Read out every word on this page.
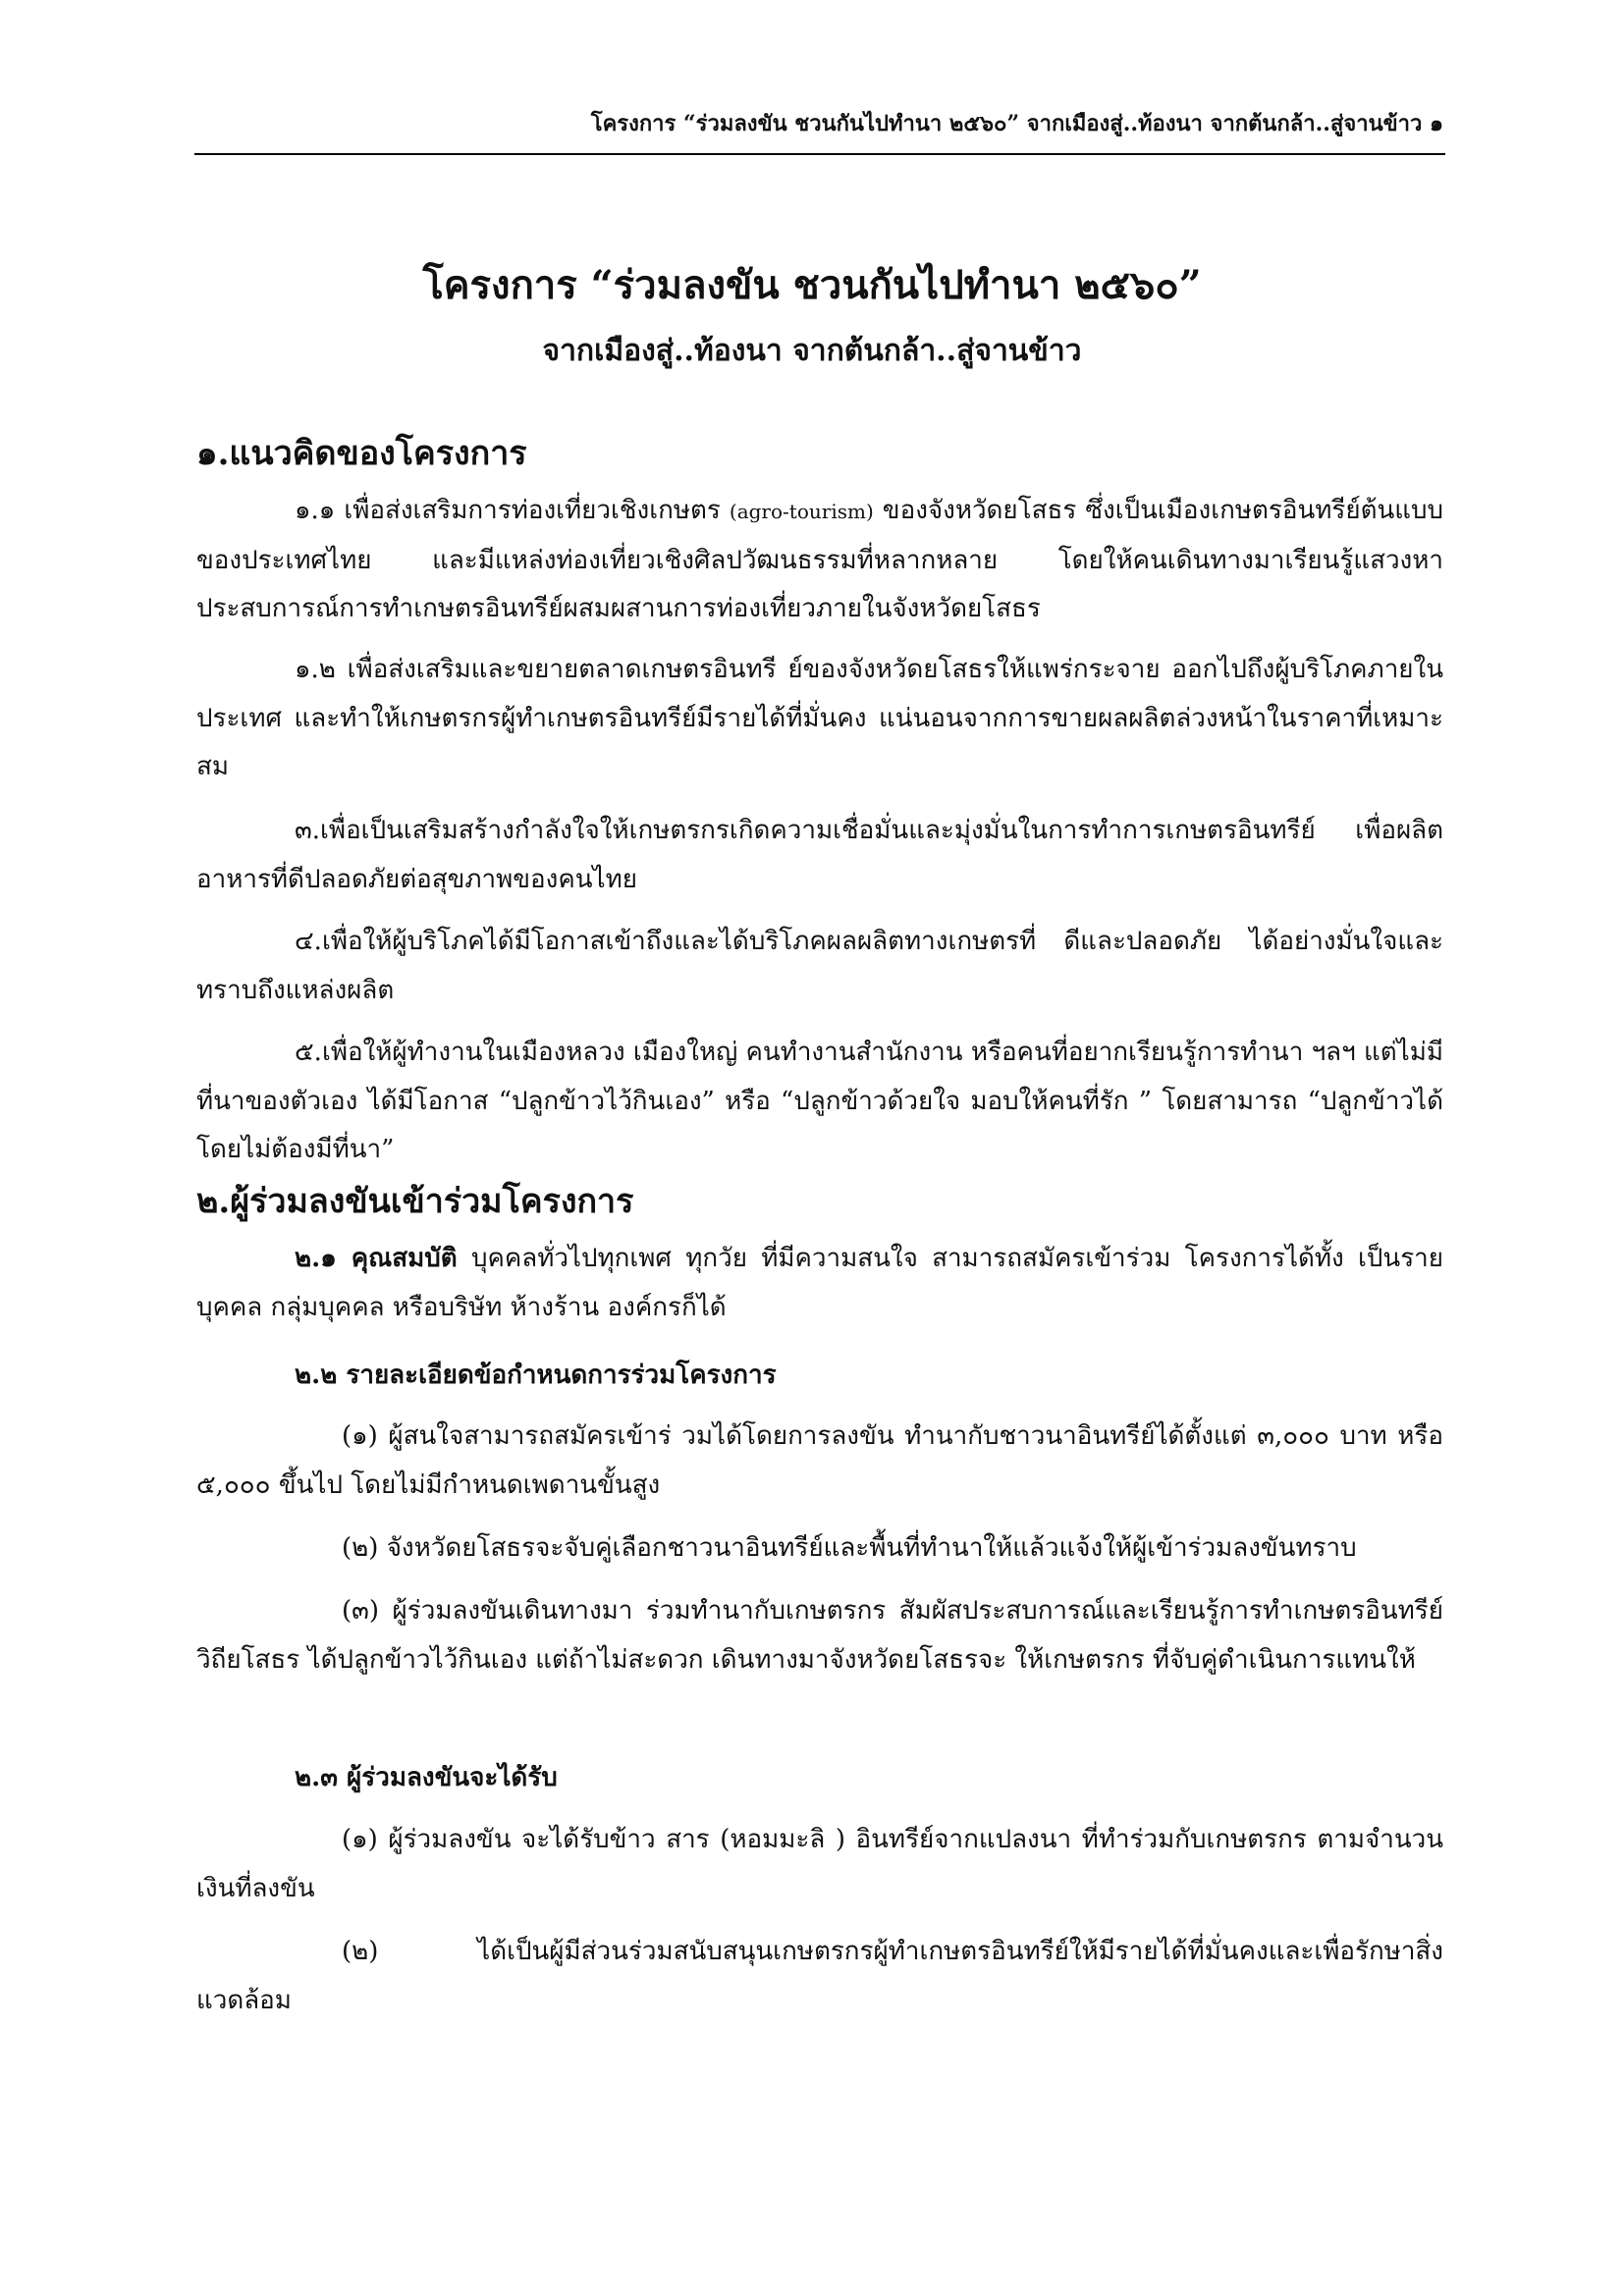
โครงการ “ร่วมลงขัน ชวนกันไปทำนา ๒๕๖๐” จากเมืองสู่..ท้องนา จากต้นกล้า..สู่จานข้าว ๑
โครงการ “ร่วมลงขัน ชวนกันไปทำนา ๒๕๖๐”
จากเมืองสู่..ท้องนา จากต้นกล้า..สู่จานข้าว
๑.แนวคิดของโครงการ

๑.๑ เพื่อส่งเสริมการท่องเที่ยวเชิงเกษตร (agro-tourism) ของจังหวัดยโสธร ซึ่งเป็นเมืองเกษตรอินทรีย์ต้นแบบของประเทศไทย และมีแหล่งท่องเที่ยวเชิงศิลปวัฒนธรรมที่หลากหลาย โดยให้คนเดินทางมาเรียนรู้แสวงหาประสบการณ์การทำเกษตรอินทรีย์ผสมผสานการท่องเที่ยวภายในจังหวัดยโสธร

๑.๒ เพื่อส่งเสริมและขยายตลาดเกษตรอินทรี ย์ของจังหวัดยโสธรให้แพร่กระจาย ออกไปถึงผู้บริโภคภายในประเทศ และทำให้เกษตรกรผู้ทำเกษตรอินทรีย์มีรายได้ที่มั่นคง แน่นอนจากการขายผลผลิตล่วงหน้าในราคาที่เหมาะสม

๓.เพื่อเป็นเสริมสร้างกำลังใจให้เกษตรกรเกิดความเชื่อมั่นและมุ่งมั่นในการทำการเกษตรอินทรีย์ เพื่อผลิตอาหารที่ดีปลอดภัยต่อสุขภาพของคนไทย

๔.เพื่อให้ผู้บริโภคได้มีโอกาสเข้าถึงและได้บริโภคผลผลิตทางเกษตรที่ ดีและปลอดภัย ได้อย่างมั่นใจและทราบถึงแหล่งผลิต

๕.เพื่อให้ผู้ทำงานในเมืองหลวง เมืองใหญ่ คนทำงานสำนักงาน หรือคนที่อยากเรียนรู้การทำนา ฯลฯ แต่ไม่มีที่นาของตัวเอง ได้มีโอกาส “ปลูกข้าวไว้กินเอง” หรือ “ปลูกข้าวด้วยใจ มอบให้คนที่รัก ” โดยสามารถ “ปลูกข้าวได้ โดยไม่ต้องมีที่นา”

๒.ผู้ร่วมลงขันเข้าร่วมโครงการ

๒.๑ คุณสมบัติ บุคคลทั่วไปทุกเพศ ทุกวัย ที่มีความสนใจ สามารถสมัครเข้าร่วม โครงการได้ทั้ง เป็นรายบุคคล กลุ่มบุคคล หรือบริษัท ห้างร้าน องค์กรก็ได้

๒.๒ รายละเอียดข้อกำหนดการร่วมโครงการ

(๑) ผู้สนใจสามารถสมัครเข้าร่ วมได้โดยการลงขัน ทำนากับชาวนาอินทรีย์ได้ตั้งแต่ ๓,๐๐๐ บาท หรือ ๕,๐๐๐ ขึ้นไป โดยไม่มีกำหนดเพดานขั้นสูง

(๒) จังหวัดยโสธรจะจับคู่เลือกชาวนาอินทรีย์และพื้นที่ทำนาให้แล้วแจ้งให้ผู้เข้าร่วมลงขันทราบ

(๓) ผู้ร่วมลงขันเดินทางมา ร่วมทำนากับเกษตรกร สัมผัสประสบการณ์และเรียนรู้การทำเกษตรอินทรีย์วิถียโสธร ได้ปลูกข้าวไว้กินเอง แต่ถ้าไม่สะดวก เดินทางมาจังหวัดยโสธรจะ ให้เกษตรกร ที่จับคู่ดำเนินการแทนให้

๒.๓ ผู้ร่วมลงขันจะได้รับ

(๑) ผู้ร่วมลงขัน จะได้รับข้าว สาร (หอมมะลิ ) อินทรีย์จากแปลงนา ที่ทำร่วมกับเกษตรกร ตามจำนวนเงินที่ลงขัน

(๒) ได้เป็นผู้มีส่วนร่วมสนับสนุนเกษตรกรผู้ทำเกษตรอินทรีย์ให้มีรายได้ที่มั่นคงและเพื่อรักษาสิ่งแวดล้อม
